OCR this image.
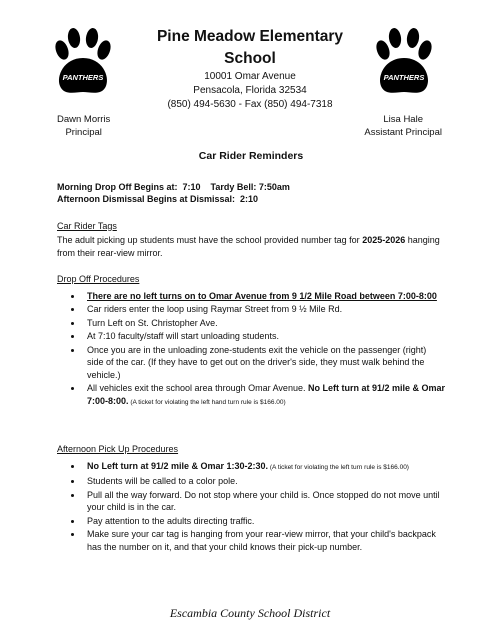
PANTHERS	PANTHERS
Pine Meadow Elementary
School
10001 Omar Avenue
Pensacola, Florida 32534
(850) 494-5630 - Fax (850) 494-7318
Dawn Morris
Principal
Lisa Hale
Assistant Principal

Car Rider Reminders

Morning Drop Off Begins at:  7:10    Tardy Bell: 7:50am

Afternoon Dismissal Begins at Dismissal:  2:10

Car Rider Tags

The adult picking up students must have the school provided number tag for 2025-2026 hanging from their rear-view mirror.

Drop Off Procedures

• There are no left turns on to Omar Avenue from 9 1/2 Mile Road between 7:00-8:00
• Car riders enter the loop using Raymar Street from 9 ½ Mile Rd.
• Turn Left on St. Christopher Ave.
• At 7:10 faculty/staff will start unloading students.
• Once you are in the unloading zone-students exit the vehicle on the passenger (right) side of the car. (If they have to get out on the driver's side, they must walk behind the vehicle.)
• All vehicles exit the school area through Omar Avenue. No Left turn at 91/2 mile & Omar 7:00-8:00. (A ticket for violating the left hand turn rule is $166.00)

Afternoon Pick Up Procedures

• No Left turn at 91/2 mile & Omar 1:30-2:30. (A ticket for violating the left turn rule is $166.00)
• Students will be called to a color pole.
• Pull all the way forward. Do not stop where your child is. Once stopped do not move until your child is in the car.
• Pay attention to the adults directing traffic.
• Make sure your car tag is hanging from your rear-view mirror, that your child's backpack has the number on it, and that your child knows their pick-up number.
Escambia County School District
